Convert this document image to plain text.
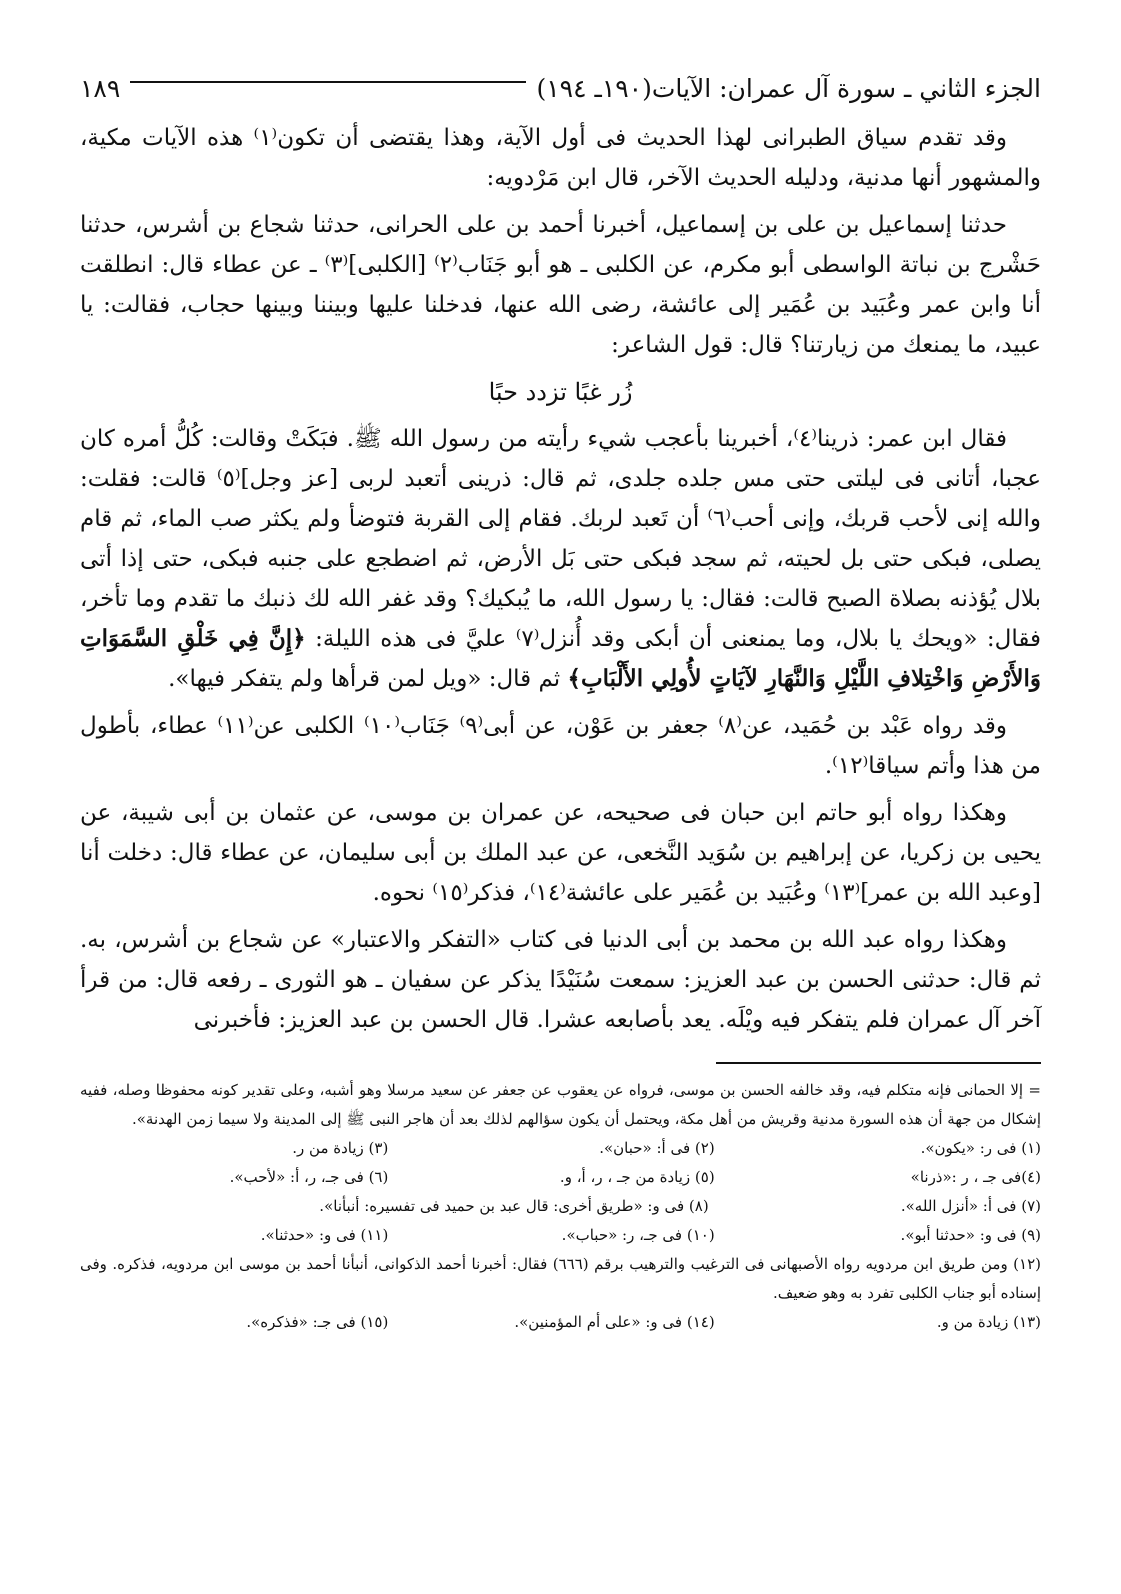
الجزء الثاني ـ سورة آل عمران: الآيات(١٩٠ـ ١٩٤)
١٨٩

وقد تقدم سياق الطبرانى لهذا الحديث فى أول الآية، وهذا يقتضى أن تكون⁽١⁾ هذه الآيات مكية، والمشهور أنها مدنية، ودليله الحديث الآخر، قال ابن مَرْدويه:

حدثنا إسماعيل بن على بن إسماعيل، أخبرنا أحمد بن على الحرانى، حدثنا شجاع بن أشرس، حدثنا حَشْرج بن نباتة الواسطى أبو مكرم، عن الكلبى ـ هو أبو جَنَاب⁽٢⁾ [الكلبى]⁽٣⁾ ـ عن عطاء قال: انطلقت أنا وابن عمر وعُبَيد بن عُمَير إلى عائشة، رضى الله عنها، فدخلنا عليها وبيننا وبينها حجاب، فقالت: يا عبيد، ما يمنعك من زيارتنا؟ قال: قول الشاعر:

زُر غبًا تزدد حبًا

فقال ابن عمر: ذرينا⁽٤⁾، أخبرينا بأعجب شيء رأيته من رسول الله ﷺ. فبَكَتْ وقالت: كُلُّ أمره كان عجبا، أتانى فى ليلتى حتى مس جلده جلدى، ثم قال: ذرينى أتعبد لربى [عز وجل]⁽٥⁾ قالت: فقلت: والله إنى لأحب قربك، وإنى أحب⁽٦⁾ أن تَعبد لربك. فقام إلى القربة فتوضأ ولم يكثر صب الماء، ثم قام يصلى، فبكى حتى بل لحيته، ثم سجد فبكى حتى بَل الأرض، ثم اضطجع على جنبه فبكى، حتى إذا أتى بلال يُؤذنه بصلاة الصبح قالت: فقال: يا رسول الله، ما يُبكيك؟ وقد غفر الله لك ذنبك ما تقدم وما تأخر، فقال: «ويحك يا بلال، وما يمنعنى أن أبكى وقد أُنزل⁽٧⁾ عليَّ فى هذه الليلة: ﴿إِنَّ فِي خَلْقِ السَّمَوَاتِ وَالأَرْضِ وَاخْتِلافِ اللَّيْلِ وَالنَّهَارِ لآيَاتٍ لأُولِي الأَلْبَابِ﴾ ثم قال: «ويل لمن قرأها ولم يتفكر فيها».

وقد رواه عَبْد بن حُمَيد، عن⁽٨⁾ جعفر بن عَوْن، عن أبى⁽٩⁾ جَنَاب⁽١٠⁾ الكلبى عن⁽١١⁾ عطاء، بأطول من هذا وأتم سياقا⁽١٢⁾.

وهكذا رواه أبو حاتم ابن حبان فى صحيحه، عن عمران بن موسى، عن عثمان بن أبى شيبة، عن يحيى بن زكريا، عن إبراهيم بن سُوَيد النَّخعى، عن عبد الملك بن أبى سليمان، عن عطاء قال: دخلت أنا [وعبد الله بن عمر]⁽١٣⁾ وعُبَيد بن عُمَير على عائشة⁽١٤⁾، فذكر⁽١٥⁾ نحوه.

وهكذا رواه عبد الله بن محمد بن أبى الدنيا فى كتاب «التفكر والاعتبار» عن شجاع بن أشرس، به. ثم قال: حدثنى الحسن بن عبد العزيز: سمعت سُنَيْدًا يذكر عن سفيان ـ هو الثورى ـ رفعه قال: من قرأ آخر آل عمران فلم يتفكر فيه ويْلَه. يعد بأصابعه عشرا. قال الحسن بن عبد العزيز: فأخبرنى

= إلا الحمانى فإنه متكلم فيه، وقد خالفه الحسن بن موسى، فرواه عن يعقوب عن جعفر عن سعيد مرسلا وهو أشبه، وعلى تقدير كونه محفوظا وصله، ففيه إشكال من جهة أن هذه السورة مدنية وقريش من أهل مكة، ويحتمل أن يكون سؤالهم لذلك بعد أن هاجر النبى ﷺ إلى المدينة ولا سيما زمن الهدنة».

(١) فى ر: «يكون».
(٢) فى أ: «حبان».
(٣) زيادة من ر.
(٤)فى جـ ، ر :«ذرنا»
(٥) زيادة من جـ ، ر، أ، و.
(٦) فى جـ، ر، أ: «لأحب».
(٧) فى أ: «أنزل الله».
(٨) فى و: «طريق أخرى: قال عبد بن حميد فى تفسيره: أنبأنا».
(٩) فى و: «حدثنا أبو».
(١٠) فى جـ، ر: «حباب».
(١١) فى و: «حدثنا».

(١٢) ومن طريق ابن مردويه رواه الأصبهانى فى الترغيب والترهيب برقم (٦٦٦) فقال: أخبرنا أحمد الذكوانى، أنبأنا أحمد بن موسى ابن مردويه، فذكره. وفى إسناده أبو جناب الكلبى تفرد به وهو ضعيف.

(١٣) زيادة من و.
(١٤) فى و: «على أم المؤمنين».
(١٥) فى جـ: «فذكره».
